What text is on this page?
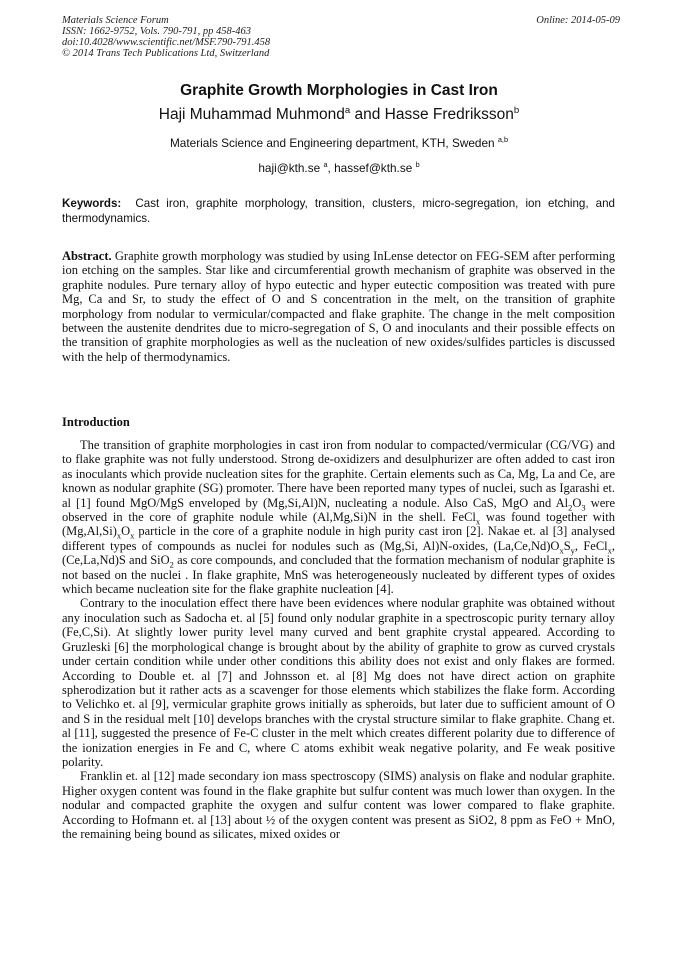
Materials Science Forum
ISSN: 1662-9752, Vols. 790-791, pp 458-463
doi:10.4028/www.scientific.net/MSF.790-791.458
© 2014 Trans Tech Publications Ltd, Switzerland
Online: 2014-05-09
Graphite Growth Morphologies in Cast Iron
Haji Muhammad Muhmond$^a$ and Hasse Fredriksson$^b$
Materials Science and Engineering department, KTH, Sweden $^{a,b}$
haji@kth.se $^a$, hassef@kth.se $^b$
Keywords: Cast iron, graphite morphology, transition, clusters, micro-segregation, ion etching, and thermodynamics.
Abstract. Graphite growth morphology was studied by using InLense detector on FEG-SEM after performing ion etching on the samples. Star like and circumferential growth mechanism of graphite was observed in the graphite nodules. Pure ternary alloy of hypo eutectic and hyper eutectic composition was treated with pure Mg, Ca and Sr, to study the effect of O and S concentration in the melt, on the transition of graphite morphology from nodular to vermicular/compacted and flake graphite. The change in the melt composition between the austenite dendrites due to micro-segregation of S, O and inoculants and their possible effects on the transition of graphite morphologies as well as the nucleation of new oxides/sulfides particles is discussed with the help of thermodynamics.
Introduction

The transition of graphite morphologies in cast iron from nodular to compacted/vermicular (CG/VG) and to flake graphite was not fully understood. Strong de-oxidizers and desulphurizer are often added to cast iron as inoculants which provide nucleation sites for the graphite. Certain elements such as Ca, Mg, La and Ce, are known as nodular graphite (SG) promoter. There have been reported many types of nuclei, such as Igarashi et. al [1] found MgO/MgS enveloped by (Mg,Si,Al)N, nucleating a nodule. Also CaS, MgO and $Al_2O_3$ were observed in the core of graphite nodule while (Al,Mg,Si)N in the shell. FeCl$_x$ was found together with $(Mg,Al,Si)_xO_x$ particle in the core of a graphite nodule in high purity cast iron [2]. Nakae et. al [3] analysed different types of compounds as nuclei for nodules such as (Mg,Si, Al)N-oxides, $(La,Ce,Nd)O_xS_y$, FeCl$_x$, (Ce,La,Nd)S and SiO$_2$ as core compounds, and concluded that the formation mechanism of nodular graphite is not based on the nuclei . In flake graphite, MnS was heterogeneously nucleated by different types of oxides which became nucleation site for the flake graphite nucleation [4].

Contrary to the inoculation effect there have been evidences where nodular graphite was obtained without any inoculation such as Sadocha et. al [5] found only nodular graphite in a spectroscopic purity ternary alloy (Fe,C,Si). At slightly lower purity level many curved and bent graphite crystal appeared. According to Gruzleski [6] the morphological change is brought about by the ability of graphite to grow as curved crystals under certain condition while under other conditions this ability does not exist and only flakes are formed. According to Double et. al [7] and Johnsson et. al [8] Mg does not have direct action on graphite spherodization but it rather acts as a scavenger for those elements which stabilizes the flake form. According to Velichko et. al [9], vermicular graphite grows initially as spheroids, but later due to sufficient amount of O and S in the residual melt [10] develops branches with the crystal structure similar to flake graphite. Chang et. al [11], suggested the presence of Fe-C cluster in the melt which creates different polarity due to difference of the ionization energies in Fe and C, where C atoms exhibit weak negative polarity, and Fe weak positive polarity.

Franklin et. al [12] made secondary ion mass spectroscopy (SIMS) analysis on flake and nodular graphite. Higher oxygen content was found in the flake graphite but sulfur content was much lower than oxygen. In the nodular and compacted graphite the oxygen and sulfur content was lower compared to flake graphite. According to Hofmann et. al [13] about ½ of the oxygen content was present as SiO2, 8 ppm as FeO + MnO, the remaining being bound as silicates, mixed oxides or
